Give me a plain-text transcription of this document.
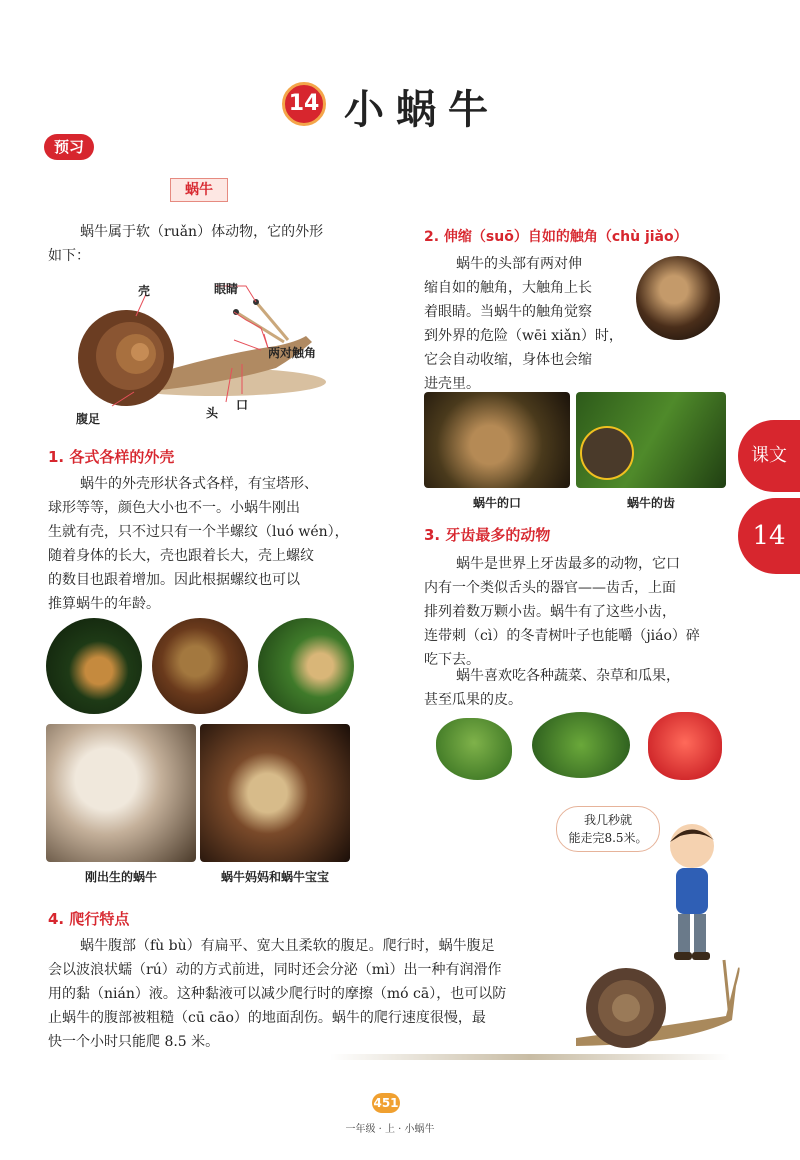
14 小蜗牛
预习
蜗牛
蜗牛属于软（ruǎn）体动物，它的外形
如下：
壳	眼睛
两对触角
腹足	头
口
1. 各式各样的外壳
蜗牛的外壳形状各式各样，有宝塔形、
球形等等，颜色大小也不一。小蜗牛刚出
生就有壳，只不过只有一个半螺纹（luó wén），
随着身体的长大，壳也跟着长大，壳上螺纹
的数目也跟着增加。因此根据螺纹也可以
推算蜗牛的年龄。
刚出生的蜗牛	蜗牛妈妈和蜗牛宝宝
2. 伸缩（suō）自如的触角（chù jiǎo）
蜗牛的头部有两对伸
缩自如的触角，大触角上长
着眼睛。当蜗牛的触角觉察
到外界的危险（wēi xiǎn）时，
它会自动收缩，身体也会缩
进壳里。
蜗牛的口	蜗牛的齿
3. 牙齿最多的动物
蜗牛是世界上牙齿最多的动物，它口
内有一个类似舌头的器官——齿舌，上面
排列着数万颗小齿。蜗牛有了这些小齿，
连带刺（cì）的冬青树叶子也能嚼（jiáo）碎
吃下去。
蜗牛喜欢吃各种蔬菜、杂草和瓜果，
甚至瓜果的皮。
课文
14
我几秒就
能走完8.5米。
4. 爬行特点
蜗牛腹部（fù bù）有扁平、宽大且柔软的腹足。爬行时，蜗牛腹足
会以波浪状蠕（rú）动的方式前进，同时还会分泌（mì）出一种有润滑作
用的黏（nián）液。这种黏液可以减少爬行时的摩擦（mó cā），也可以防
止蜗牛的腹部被粗糙（cū cāo）的地面刮伤。蜗牛的爬行速度很慢，最
快一个小时只能爬 8.5 米。
451
一年级 · 上 · 小蜗牛
